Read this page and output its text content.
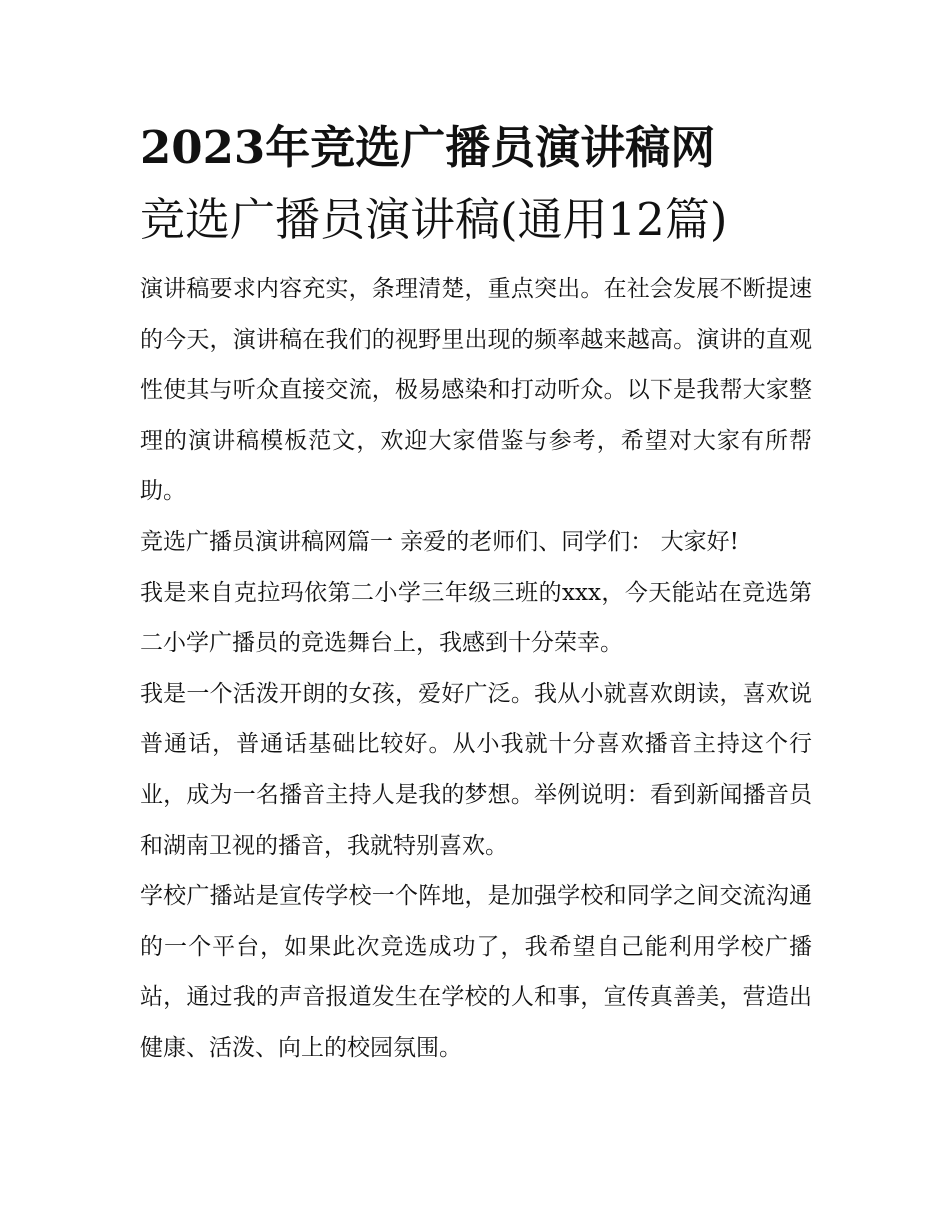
2023年竞选广播员演讲稿网
竞选广播员演讲稿(通用12篇)

演讲稿要求内容充实，条理清楚，重点突出。在社会发展不断提速的今天，演讲稿在我们的视野里出现的频率越来越高。演讲的直观性使其与听众直接交流，极易感染和打动听众。以下是我帮大家整理的演讲稿模板范文，欢迎大家借鉴与参考，希望对大家有所帮助。

竞选广播员演讲稿网篇一 亲爱的老师们、同学们： 大家好!

我是来自克拉玛依第二小学三年级三班的xxx，今天能站在竞选第二小学广播员的竞选舞台上，我感到十分荣幸。

我是一个活泼开朗的女孩，爱好广泛。我从小就喜欢朗读，喜欢说普通话，普通话基础比较好。从小我就十分喜欢播音主持这个行业，成为一名播音主持人是我的梦想。举例说明：看到新闻播音员和湖南卫视的播音，我就特别喜欢。

学校广播站是宣传学校一个阵地，是加强学校和同学之间交流沟通的一个平台，如果此次竞选成功了，我希望自己能利用学校广播站，通过我的声音报道发生在学校的人和事，宣传真善美，营造出健康、活泼、向上的校园氛围。
